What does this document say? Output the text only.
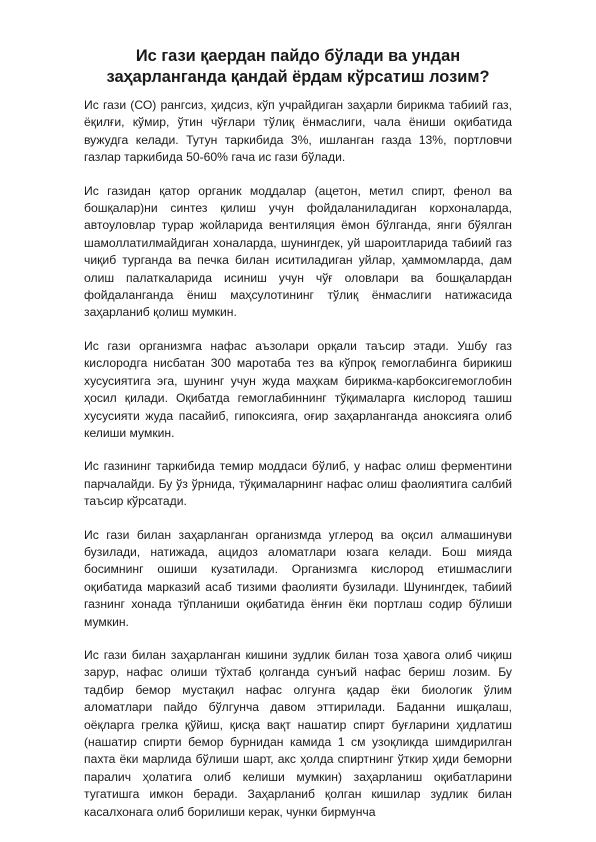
Ис гази қаердан пайдо бўлади ва ундан заҳарланганда қандай ёрдам кўрсатиш лозим?

Ис гази (СО) рангсиз, ҳидсиз, кўп учрайдиган заҳарли бирикма табиий газ, ёқилғи, кўмир, ўтин чўғлари тўлиқ ёнмаслиги, чала ёниши оқибатида вужудга келади. Тутун таркибида 3%, ишланган газда 13%, портловчи газлар таркибида 50-60% гача ис гази бўлади.

Ис газидан қатор органик моддалар (ацетон, метил спирт, фенол ва бошқалар)ни синтез қилиш учун фойдаланиладиган корхоналарда, автоуловлар турар жойларида вентиляция ёмон бўлганда, янги бўялган шамоллатилмайдиган хоналарда, шунингдек, уй шароитларида табиий газ чиқиб турганда ва печка билан иситиладиган уйлар, ҳаммомларда, дам олиш палаткаларида исиниш учун чўғ оловлари ва бошқалардан фойдаланганда ёниш маҳсулотининг тўлиқ ёнмаслиги натижасида заҳарланиб қолиш мумкин.

Ис гази организмга нафас аъзолари орқали таъсир этади. Ушбу газ кислородга нисбатан 300 маротаба тез ва кўпроқ гемоглабинга бирикиш хусусиятига эга, шунинг учун жуда маҳкам бирикма-карбоксигемоглобин ҳосил қилади. Оқибатда гемоглабиннинг тўқималарга кислород ташиш хусусияти жуда пасайиб, гипоксияга, оғир заҳарланганда аноксияга олиб келиши мумкин.

Ис газининг таркибида темир моддаси бўлиб, у нафас олиш ферментини парчалайди. Бу ўз ўрнида, тўқималарнинг нафас олиш фаолиятига салбий таъсир кўрсатади.

Ис гази билан заҳарланган организмда углерод ва оқсил алмашинуви бузилади, натижада, ацидоз аломатлари юзага келади. Бош мияда босимнинг ошиши кузатилади. Организмга кислород етишмаслиги оқибатида марказий асаб тизими фаолияти бузилади. Шунингдек, табиий газнинг хонада тўпланиши оқибатида ёнғин ёки портлаш содир бўлиши мумкин.

Ис гази билан заҳарланган кишини зудлик билан тоза ҳавога олиб чиқиш зарур, нафас олиши тўхтаб қолганда сунъий нафас бериш лозим. Бу тадбир бемор мустақил нафас олгунга қадар ёки биологик ўлим аломатлари пайдо бўлгунча давом эттирилади. Баданни ишқалаш, оёқларга грелка қўйиш, қисқа вақт нашатир спирт буғларини ҳидлатиш (нашатир спирти бемор бурнидан камида 1 см узоқликда шимдирилган пахта ёки марлида бўлиши шарт, акс ҳолда спиртнинг ўткир ҳиди беморни паралич ҳолатига олиб келиши мумкин) заҳарланиш оқибатларини тугатишга имкон беради. Заҳарланиб қолган кишилар зудлик билан касалхонага олиб борилиши керак, чунки бирмунча
